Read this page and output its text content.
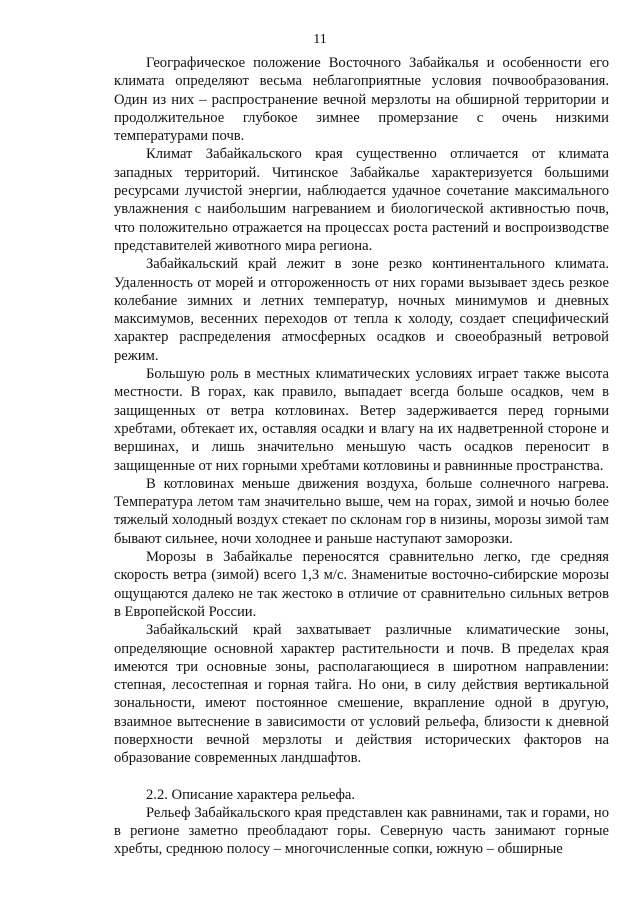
11

Географическое положение Восточного Забайкалья и особенности его климата определяют весьма неблагоприятные условия почвообразования. Один из них – распространение вечной мерзлоты на обширной территории и продолжительное глубокое зимнее промерзание с очень низкими температурами почв.

Климат Забайкальского края существенно отличается от климата западных территорий. Читинское Забайкалье характеризуется большими ресурсами лучистой энергии, наблюдается удачное сочетание максимального увлажнения с наибольшим нагреванием и биологической активностью почв, что положительно отражается на процессах роста растений и воспроизводстве представителей животного мира региона.

Забайкальский край лежит в зоне резко континентального климата. Удаленность от морей и отгороженность от них горами вызывает здесь резкое колебание зимних и летних температур, ночных минимумов и дневных максимумов, весенних переходов от тепла к холоду, создает специфический характер распределения атмосферных осадков и своеобразный ветровой режим.

Большую роль в местных климатических условиях играет также высота местности. В горах, как правило, выпадает всегда больше осадков, чем в защищенных от ветра котловинах. Ветер задерживается перед горными хребтами, обтекает их, оставляя осадки и влагу на их надветренной стороне и вершинах, и лишь значительно меньшую часть осадков переносит в защищенные от них горными хребтами котловины и равнинные пространства.

В котловинах меньше движения воздуха, больше солнечного нагрева. Температура летом там значительно выше, чем на горах, зимой и ночью более тяжелый холодный воздух стекает по склонам гор в низины, морозы зимой там бывают сильнее, ночи холоднее и раньше наступают заморозки.

Морозы в Забайкалье переносятся сравнительно легко, где средняя скорость ветра (зимой) всего 1,3 м/с. Знаменитые восточно-сибирские морозы ощущаются далеко не так жестоко в отличие от сравнительно сильных ветров в Европейской России.

Забайкальский край захватывает различные климатические зоны, определяющие основной характер растительности и почв. В пределах края имеются три основные зоны, располагающиеся в широтном направлении: степная, лесостепная и горная тайга. Но они, в силу действия вертикальной зональности, имеют постоянное смешение, вкрапление одной в другую, взаимное вытеснение в зависимости от условий рельефа, близости к дневной поверхности вечной мерзлоты и действия исторических факторов на образование современных ландшафтов.

2.2. Описание характера рельефа.

Рельеф Забайкальского края представлен как равнинами, так и горами, но в регионе заметно преобладают горы. Северную часть занимают горные хребты, среднюю полосу – многочисленные сопки, южную – обширные
